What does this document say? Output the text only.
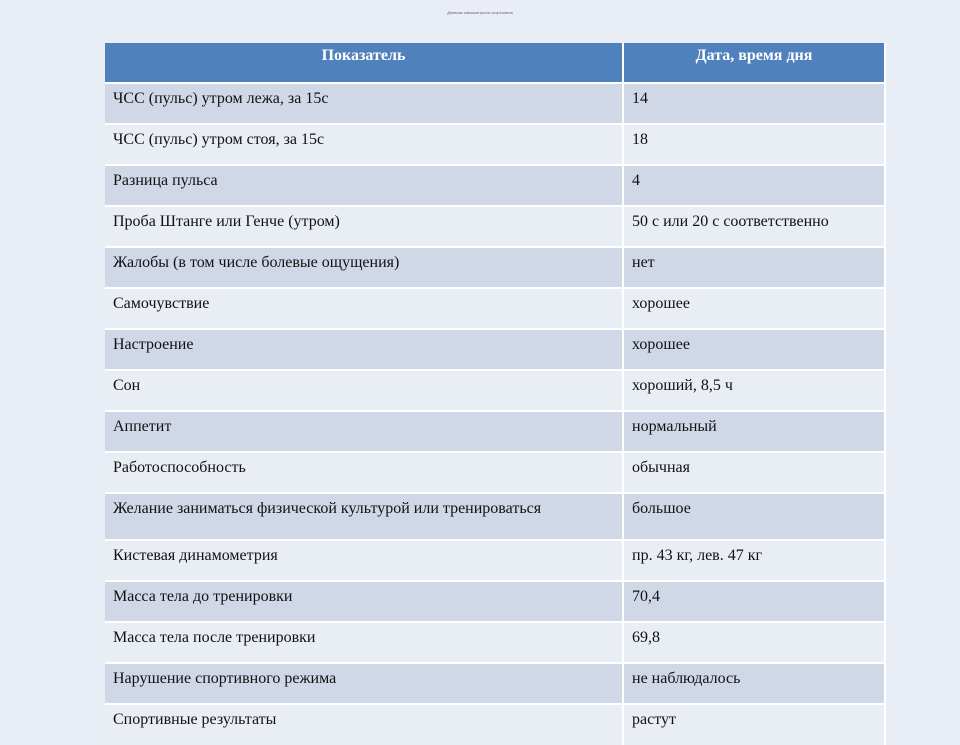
Дневник самоконтроля спортсмена
Показатель	Дата, время дня
ЧСС (пульс) утром лежа, за 15с	14
ЧСС (пульс) утром стоя, за 15с	18
Разница пульса	4
Проба Штанге или Генче (утром)	50 с или 20 с соответственно
Жалобы (в том числе болевые ощущения)	нет
Самочувствие	хорошее
Настроение	хорошее
Сон	хороший, 8,5 ч
Аппетит	нормальный
Работоспособность	обычная
Желание заниматься физической культурой или тренироваться	большое
Кистевая динамометрия	пр. 43 кг, лев. 47 кг
Масса тела до тренировки	70,4
Масса тела после тренировки	69,8
Нарушение спортивного режима	не наблюдалось
Спортивные результаты	растут
